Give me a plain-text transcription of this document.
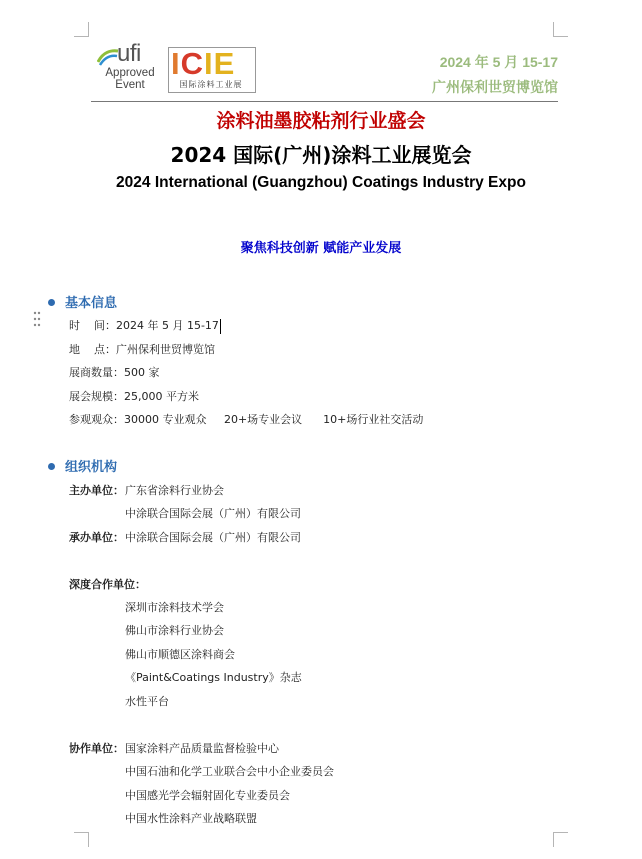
ufi
Approved
Event
ICIE
国际涂料工业展
2024 年 5 月 15-17
广州保利世贸博览馆
涂料油墨胶粘剂行业盛会
2024 国际(广州)涂料工业展览会
2024 International (Guangzhou) Coatings Industry Expo
聚焦科技创新 赋能产业发展
基本信息
时    间：2024 年 5 月 15-17
地    点：广州保利世贸博览馆
展商数量：500 家
展会规模：25,000 平方米
参观观众：30000 专业观众     20+场专业会议      10+场行业社交活动
组织机构
主办单位： 广东省涂料行业协会
中涂联合国际会展（广州）有限公司
承办单位： 中涂联合国际会展（广州）有限公司
深度合作单位：
深圳市涂料技术学会
佛山市涂料行业协会
佛山市顺德区涂料商会
《Paint&Coatings Industry》杂志
水性平台
协作单位： 国家涂料产品质量监督检验中心
中国石油和化学工业联合会中小企业委员会
中国感光学会辐射固化专业委员会
中国水性涂料产业战略联盟
